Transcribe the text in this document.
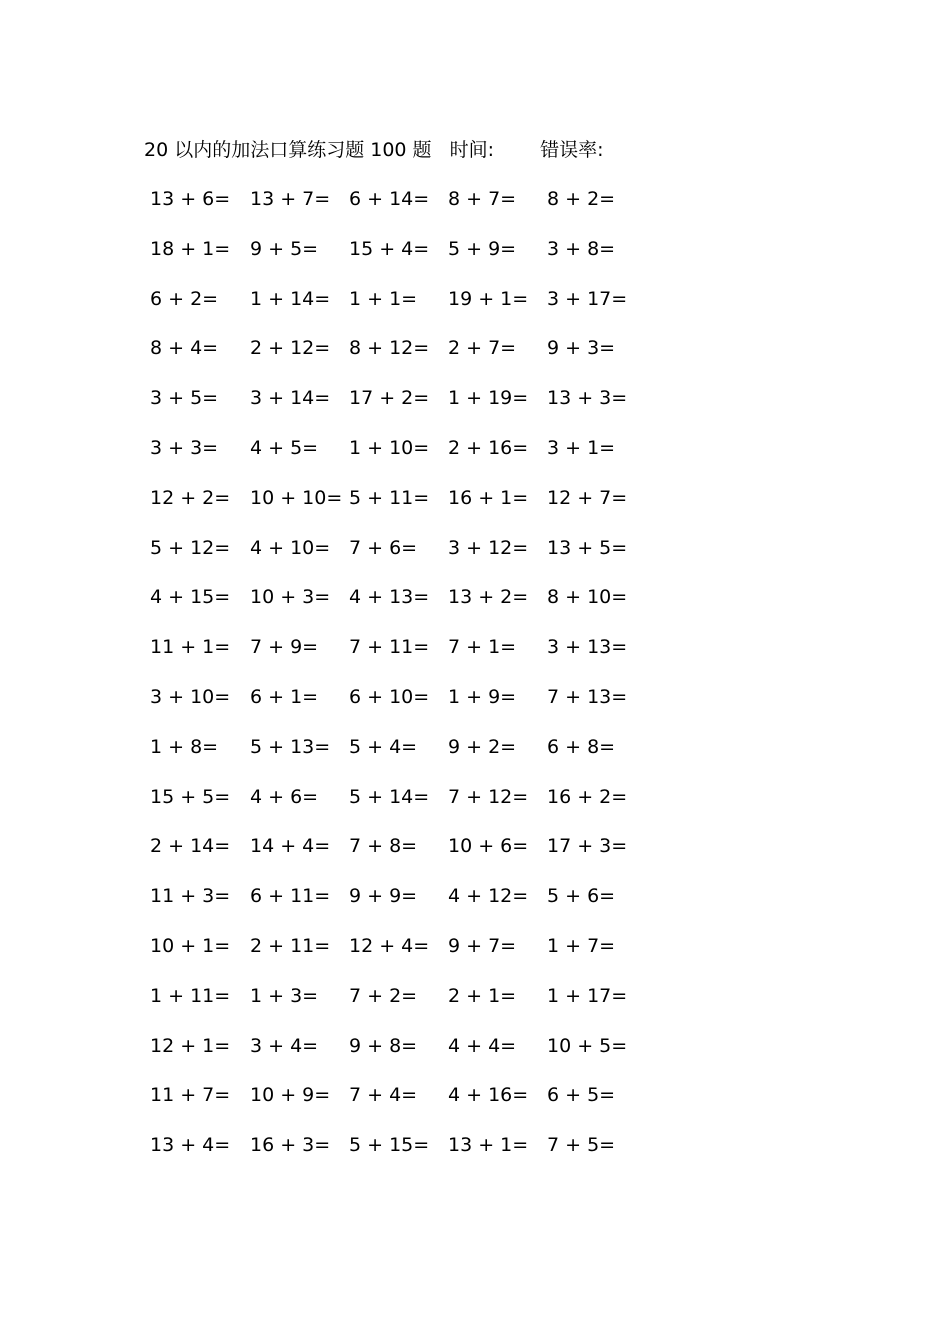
20 以内的加法口算练习题 100 题 时间: 错误率:
13 + 6= 13 + 7= 6 + 14= 8 + 7= 8 + 2=
18 + 1= 9 + 5= 15 + 4= 5 + 9= 3 + 8=
6 + 2= 1 + 14= 1 + 1= 19 + 1= 3 + 17=
8 + 4= 2 + 12= 8 + 12= 2 + 7= 9 + 3=
3 + 5= 3 + 14= 17 + 2= 1 + 19= 13 + 3=
3 + 3= 4 + 5= 1 + 10= 2 + 16= 3 + 1=
12 + 2= 10 + 10= 5 + 11= 16 + 1= 12 + 7=
5 + 12= 4 + 10= 7 + 6= 3 + 12= 13 + 5=
4 + 15= 10 + 3= 4 + 13= 13 + 2= 8 + 10=
11 + 1= 7 + 9= 7 + 11= 7 + 1= 3 + 13=
3 + 10= 6 + 1= 6 + 10= 1 + 9= 7 + 13=
1 + 8= 5 + 13= 5 + 4= 9 + 2= 6 + 8=
15 + 5= 4 + 6= 5 + 14= 7 + 12= 16 + 2=
2 + 14= 14 + 4= 7 + 8= 10 + 6= 17 + 3=
11 + 3= 6 + 11= 9 + 9= 4 + 12= 5 + 6=
10 + 1= 2 + 11= 12 + 4= 9 + 7= 1 + 7=
1 + 11= 1 + 3= 7 + 2= 2 + 1= 1 + 17=
12 + 1= 3 + 4= 9 + 8= 4 + 4= 10 + 5=
11 + 7= 10 + 9= 7 + 4= 4 + 16= 6 + 5=
13 + 4= 16 + 3= 5 + 15= 13 + 1= 7 + 5=
